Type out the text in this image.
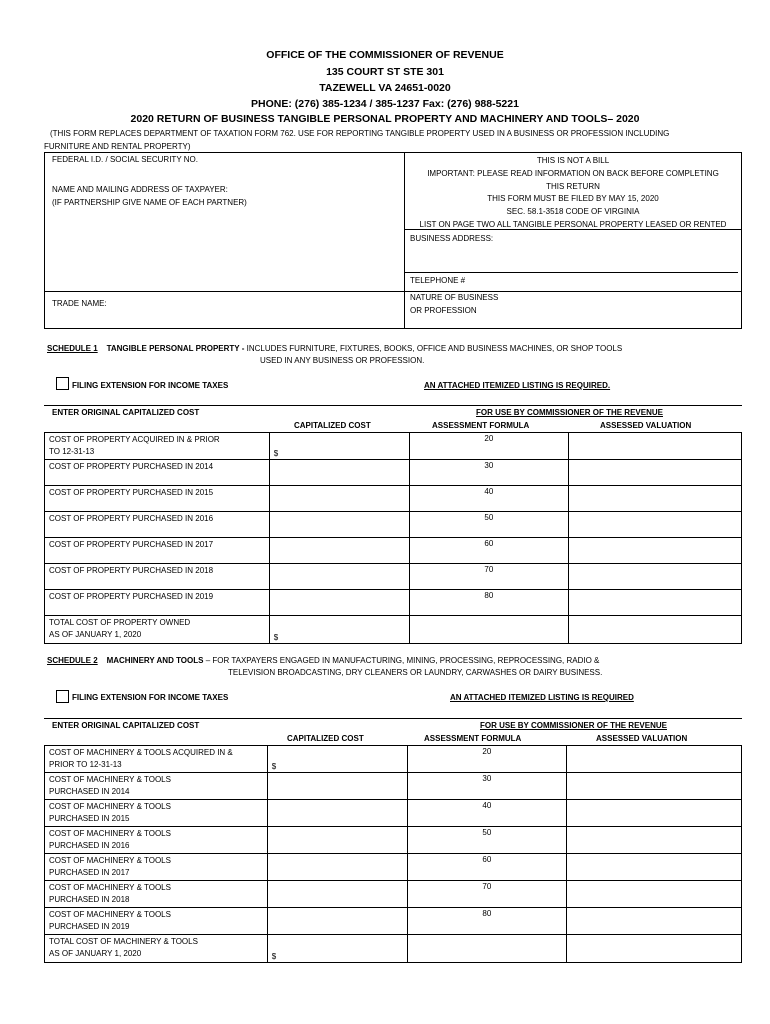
OFFICE OF THE COMMISSIONER OF REVENUE
135 COURT ST STE 301
TAZEWELL VA 24651-0020
PHONE: (276) 385-1234 / 385-1237 Fax: (276) 988-5221
2020 RETURN OF BUSINESS TANGIBLE PERSONAL PROPERTY AND MACHINERY AND TOOLS– 2020
(THIS FORM REPLACES DEPARTMENT OF TAXATION FORM 762. USE FOR REPORTING TANGIBLE PROPERTY USED IN A BUSINESS OR PROFESSION INCLUDING
FURNITURE AND RENTAL PROPERTY)
FEDERAL I.D. / SOCIAL SECURITY NO.
NAME AND MAILING ADDRESS OF TAXPAYER:
(IF PARTNERSHIP GIVE NAME OF EACH PARTNER)
TRADE NAME:
THIS IS NOT A BILL
IMPORTANT: PLEASE READ INFORMATION ON BACK BEFORE COMPLETING
THIS RETURN
THIS FORM MUST BE FILED BY MAY 15, 2020
SEC. 58.1-3518 CODE OF VIRGINIA
LIST ON PAGE TWO ALL TANGIBLE PERSONAL PROPERTY LEASED OR RENTED
BUSINESS ADDRESS:
TELEPHONE #
NATURE OF BUSINESS
OR PROFESSION
SCHEDULE 1 TANGIBLE PERSONAL PROPERTY - INCLUDES FURNITURE, FIXTURES, BOOKS, OFFICE AND BUSINESS MACHINES, OR SHOP TOOLS
USED IN ANY BUSINESS OR PROFESSION.
FILING EXTENSION FOR INCOME TAXES	AN ATTACHED ITEMIZED LISTING IS REQUIRED.
ENTER ORIGINAL CAPITALIZED COST	FOR USE BY COMMISSIONER OF THE REVENUE
CAPITALIZED COST	ASSESSMENT FORMULA	ASSESSED VALUATION
COST OF PROPERTY ACQUIRED IN & PRIOR
TO 12-31-13	$	20	
COST OF PROPERTY PURCHASED IN 2014		30	
COST OF PROPERTY PURCHASED IN 2015		40	
COST OF PROPERTY PURCHASED IN 2016		50	
COST OF PROPERTY PURCHASED IN 2017		60	
COST OF PROPERTY PURCHASED IN 2018		70	
COST OF PROPERTY PURCHASED IN 2019		80	
TOTAL COST OF PROPERTY OWNED
AS OF JANUARY 1, 2020	$		
SCHEDULE 2 MACHINERY AND TOOLS – FOR TAXPAYERS ENGAGED IN MANUFACTURING, MINING, PROCESSING, REPROCESSING, RADIO &
TELEVISION BROADCASTING, DRY CLEANERS OR LAUNDRY, CARWASHES OR DAIRY BUSINESS.
FILING EXTENSION FOR INCOME TAXES	AN ATTACHED ITEMIZED LISTING IS REQUIRED
ENTER ORIGINAL CAPITALIZED COST	FOR USE BY COMMISSIONER OF THE REVENUE
CAPITALIZED COST	ASSESSMENT FORMULA	ASSESSED VALUATION
COST OF MACHINERY & TOOLS ACQUIRED IN &
PRIOR TO 12-31-13	$	20	
COST OF MACHINERY & TOOLS
PURCHASED IN 2014		30	
COST OF MACHINERY & TOOLS
PURCHASED IN 2015		40	
COST OF MACHINERY & TOOLS
PURCHASED IN 2016		50	
COST OF MACHINERY & TOOLS
PURCHASED IN 2017		60	
COST OF MACHINERY & TOOLS
PURCHASED IN 2018		70	
COST OF MACHINERY & TOOLS
PURCHASED IN 2019		80	
TOTAL COST OF MACHINERY & TOOLS
AS OF JANUARY 1, 2020	$		
